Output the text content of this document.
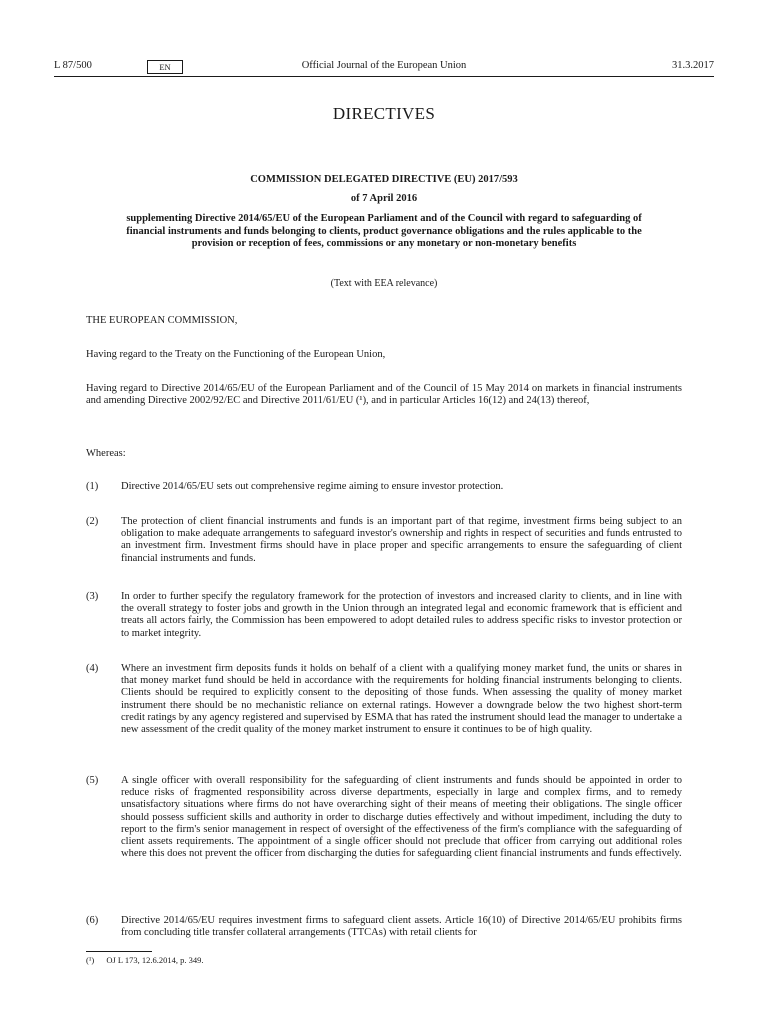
L 87/500	EN	Official Journal of the European Union	31.3.2017
DIRECTIVES
COMMISSION DELEGATED DIRECTIVE (EU) 2017/593
of 7 April 2016
supplementing Directive 2014/65/EU of the European Parliament and of the Council with regard to safeguarding of financial instruments and funds belonging to clients, product governance obligations and the rules applicable to the provision or reception of fees, commissions or any monetary or non-monetary benefits
(Text with EEA relevance)
THE EUROPEAN COMMISSION,
Having regard to the Treaty on the Functioning of the European Union,
Having regard to Directive 2014/65/EU of the European Parliament and of the Council of 15 May 2014 on markets in financial instruments and amending Directive 2002/92/EC and Directive 2011/61/EU (¹), and in particular Articles 16(12) and 24(13) thereof,
Whereas:
(1)	Directive 2014/65/EU sets out comprehensive regime aiming to ensure investor protection.
(2)	The protection of client financial instruments and funds is an important part of that regime, investment firms being subject to an obligation to make adequate arrangements to safeguard investor's ownership and rights in respect of securities and funds entrusted to an investment firm. Investment firms should have in place proper and specific arrangements to ensure the safeguarding of client financial instruments and funds.
(3)	In order to further specify the regulatory framework for the protection of investors and increased clarity to clients, and in line with the overall strategy to foster jobs and growth in the Union through an integrated legal and economic framework that is efficient and treats all actors fairly, the Commission has been empowered to adopt detailed rules to address specific risks to investor protection or to market integrity.
(4)	Where an investment firm deposits funds it holds on behalf of a client with a qualifying money market fund, the units or shares in that money market fund should be held in accordance with the requirements for holding financial instruments belonging to clients. Clients should be required to explicitly consent to the depositing of those funds. When assessing the quality of money market instrument there should be no mechanistic reliance on external ratings. However a downgrade below the two highest short-term credit ratings by any agency registered and supervised by ESMA that has rated the instrument should lead the manager to undertake a new assessment of the credit quality of the money market instrument to ensure it continues to be of high quality.
(5)	A single officer with overall responsibility for the safeguarding of client instruments and funds should be appointed in order to reduce risks of fragmented responsibility across diverse departments, especially in large and complex firms, and to remedy unsatisfactory situations where firms do not have overarching sight of their means of meeting their obligations. The single officer should possess sufficient skills and authority in order to discharge duties effectively and without impediment, including the duty to report to the firm's senior management in respect of oversight of the effectiveness of the firm's compliance with the safeguarding of client assets requirements. The appointment of a single officer should not preclude that officer from carrying out additional roles where this does not prevent the officer from discharging the duties for safeguarding client financial instruments and funds effectively.
(6)	Directive 2014/65/EU requires investment firms to safeguard client assets. Article 16(10) of Directive 2014/65/EU prohibits firms from concluding title transfer collateral arrangements (TTCAs) with retail clients for
(¹) OJ L 173, 12.6.2014, p. 349.
